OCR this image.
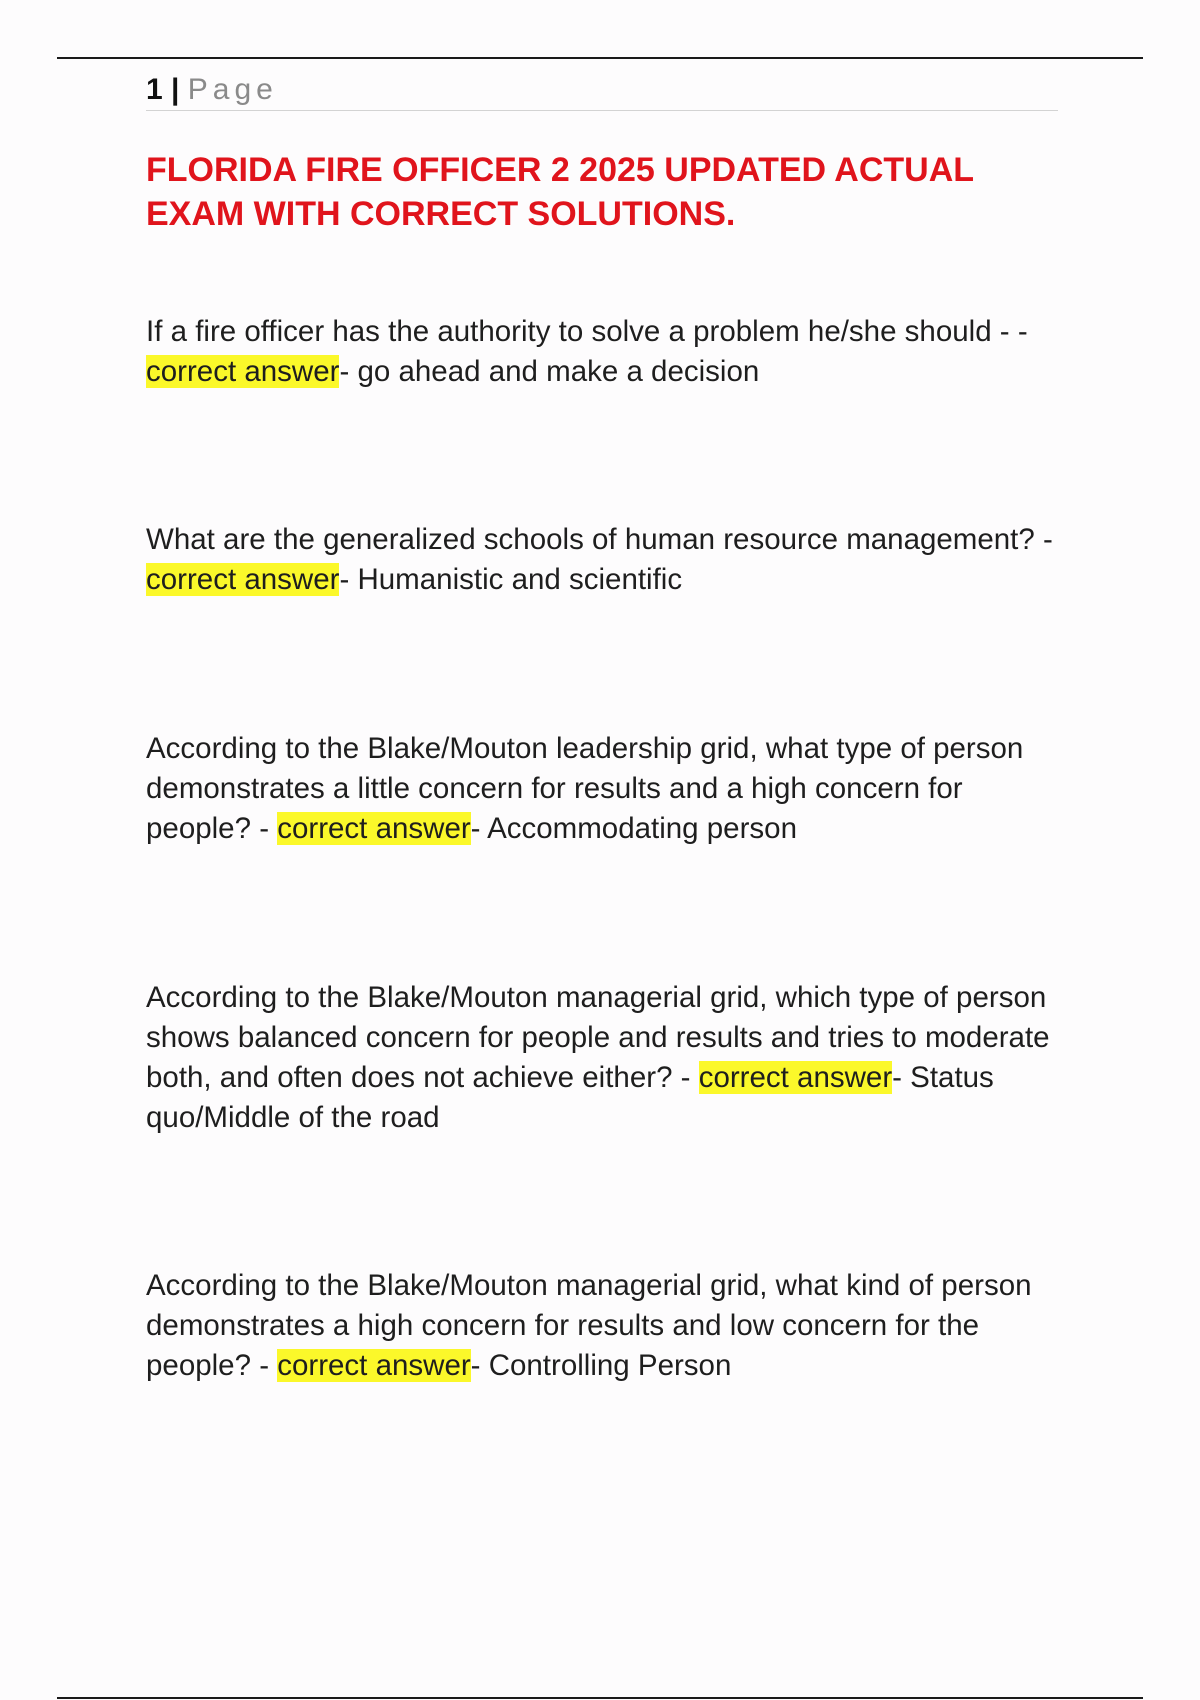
1 | Page
FLORIDA FIRE OFFICER 2 2025 UPDATED ACTUAL EXAM WITH CORRECT SOLUTIONS.

If a fire officer has the authority to solve a problem he/she should - - correct answer- go ahead and make a decision

What are the generalized schools of human resource management? - correct answer- Humanistic and scientific

According to the Blake/Mouton leadership grid, what type of person demonstrates a little concern for results and a high concern for people? - correct answer- Accommodating person

According to the Blake/Mouton managerial grid, which type of person shows balanced concern for people and results and tries to moderate both, and often does not achieve either? - correct answer- Status quo/Middle of the road

According to the Blake/Mouton managerial grid, what kind of person demonstrates a high concern for results and low concern for the people? - correct answer- Controlling Person
